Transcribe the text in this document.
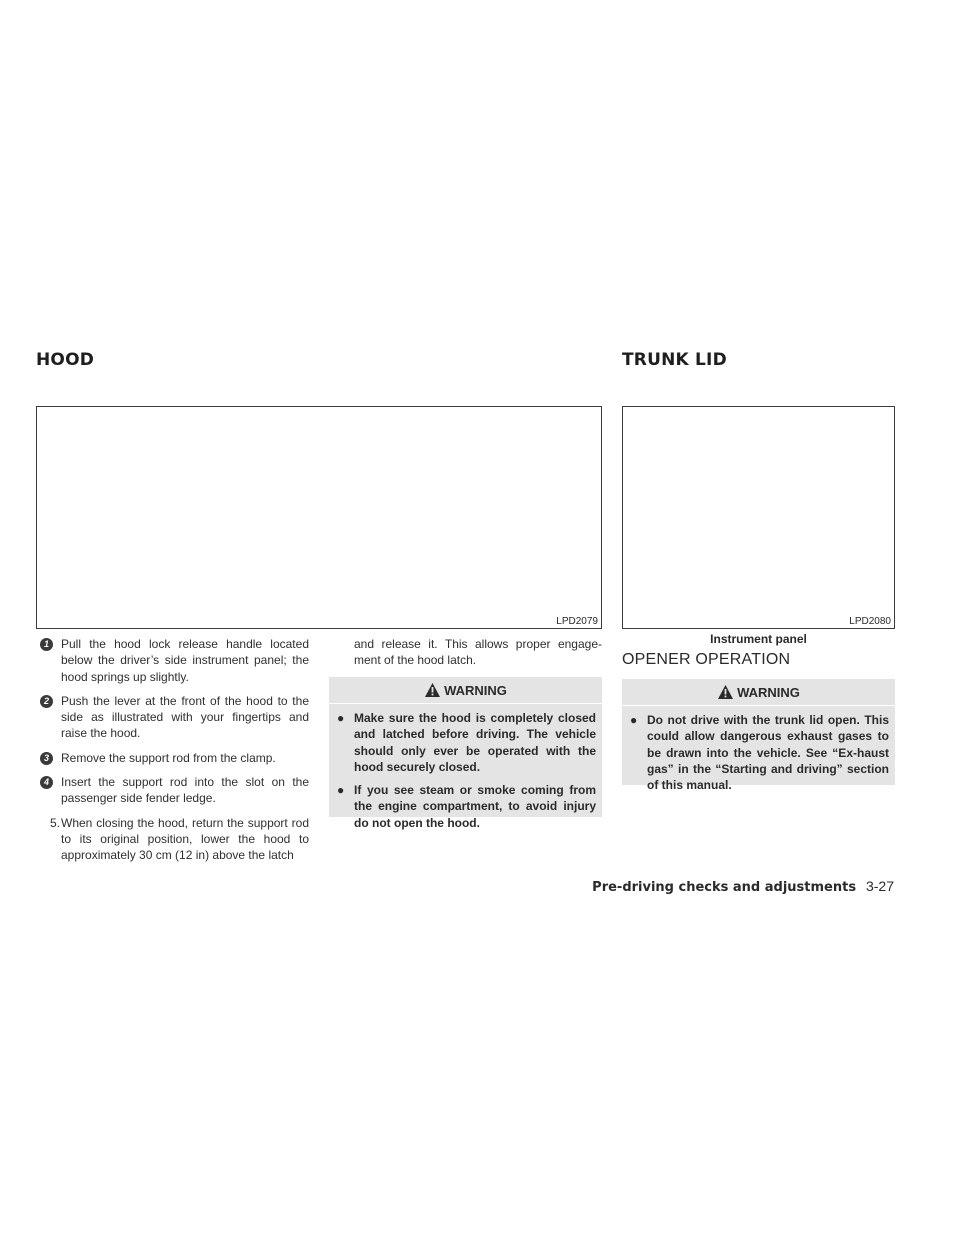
HOOD	TRUNK LID
LPD2079	LPD2080
Instrument panel
1	Pull the hood lock release handle located below the driver’s side instrument panel; the hood springs up slightly.
2	Push the lever at the front of the hood to the side as illustrated with your fingertips and raise the hood.
3	Remove the support rod from the clamp.
4	Insert the support rod into the slot on the passenger side fender ledge.
5. When closing the hood, return the support rod to its original position, lower the hood to approximately 30 cm (12 in) above the latch
and release it. This allows proper engage-ment of the hood latch.
WARNING
● Make sure the hood is completely closed and latched before driving. The vehicle should only ever be operated with the hood securely closed.
● If you see steam or smoke coming from the engine compartment, to avoid injury do not open the hood.
OPENER OPERATION
WARNING
● Do not drive with the trunk lid open. This could allow dangerous exhaust gases to be drawn into the vehicle. See “Ex-haust gas” in the “Starting and driving” section of this manual.
Pre-driving checks and adjustments 3-27
